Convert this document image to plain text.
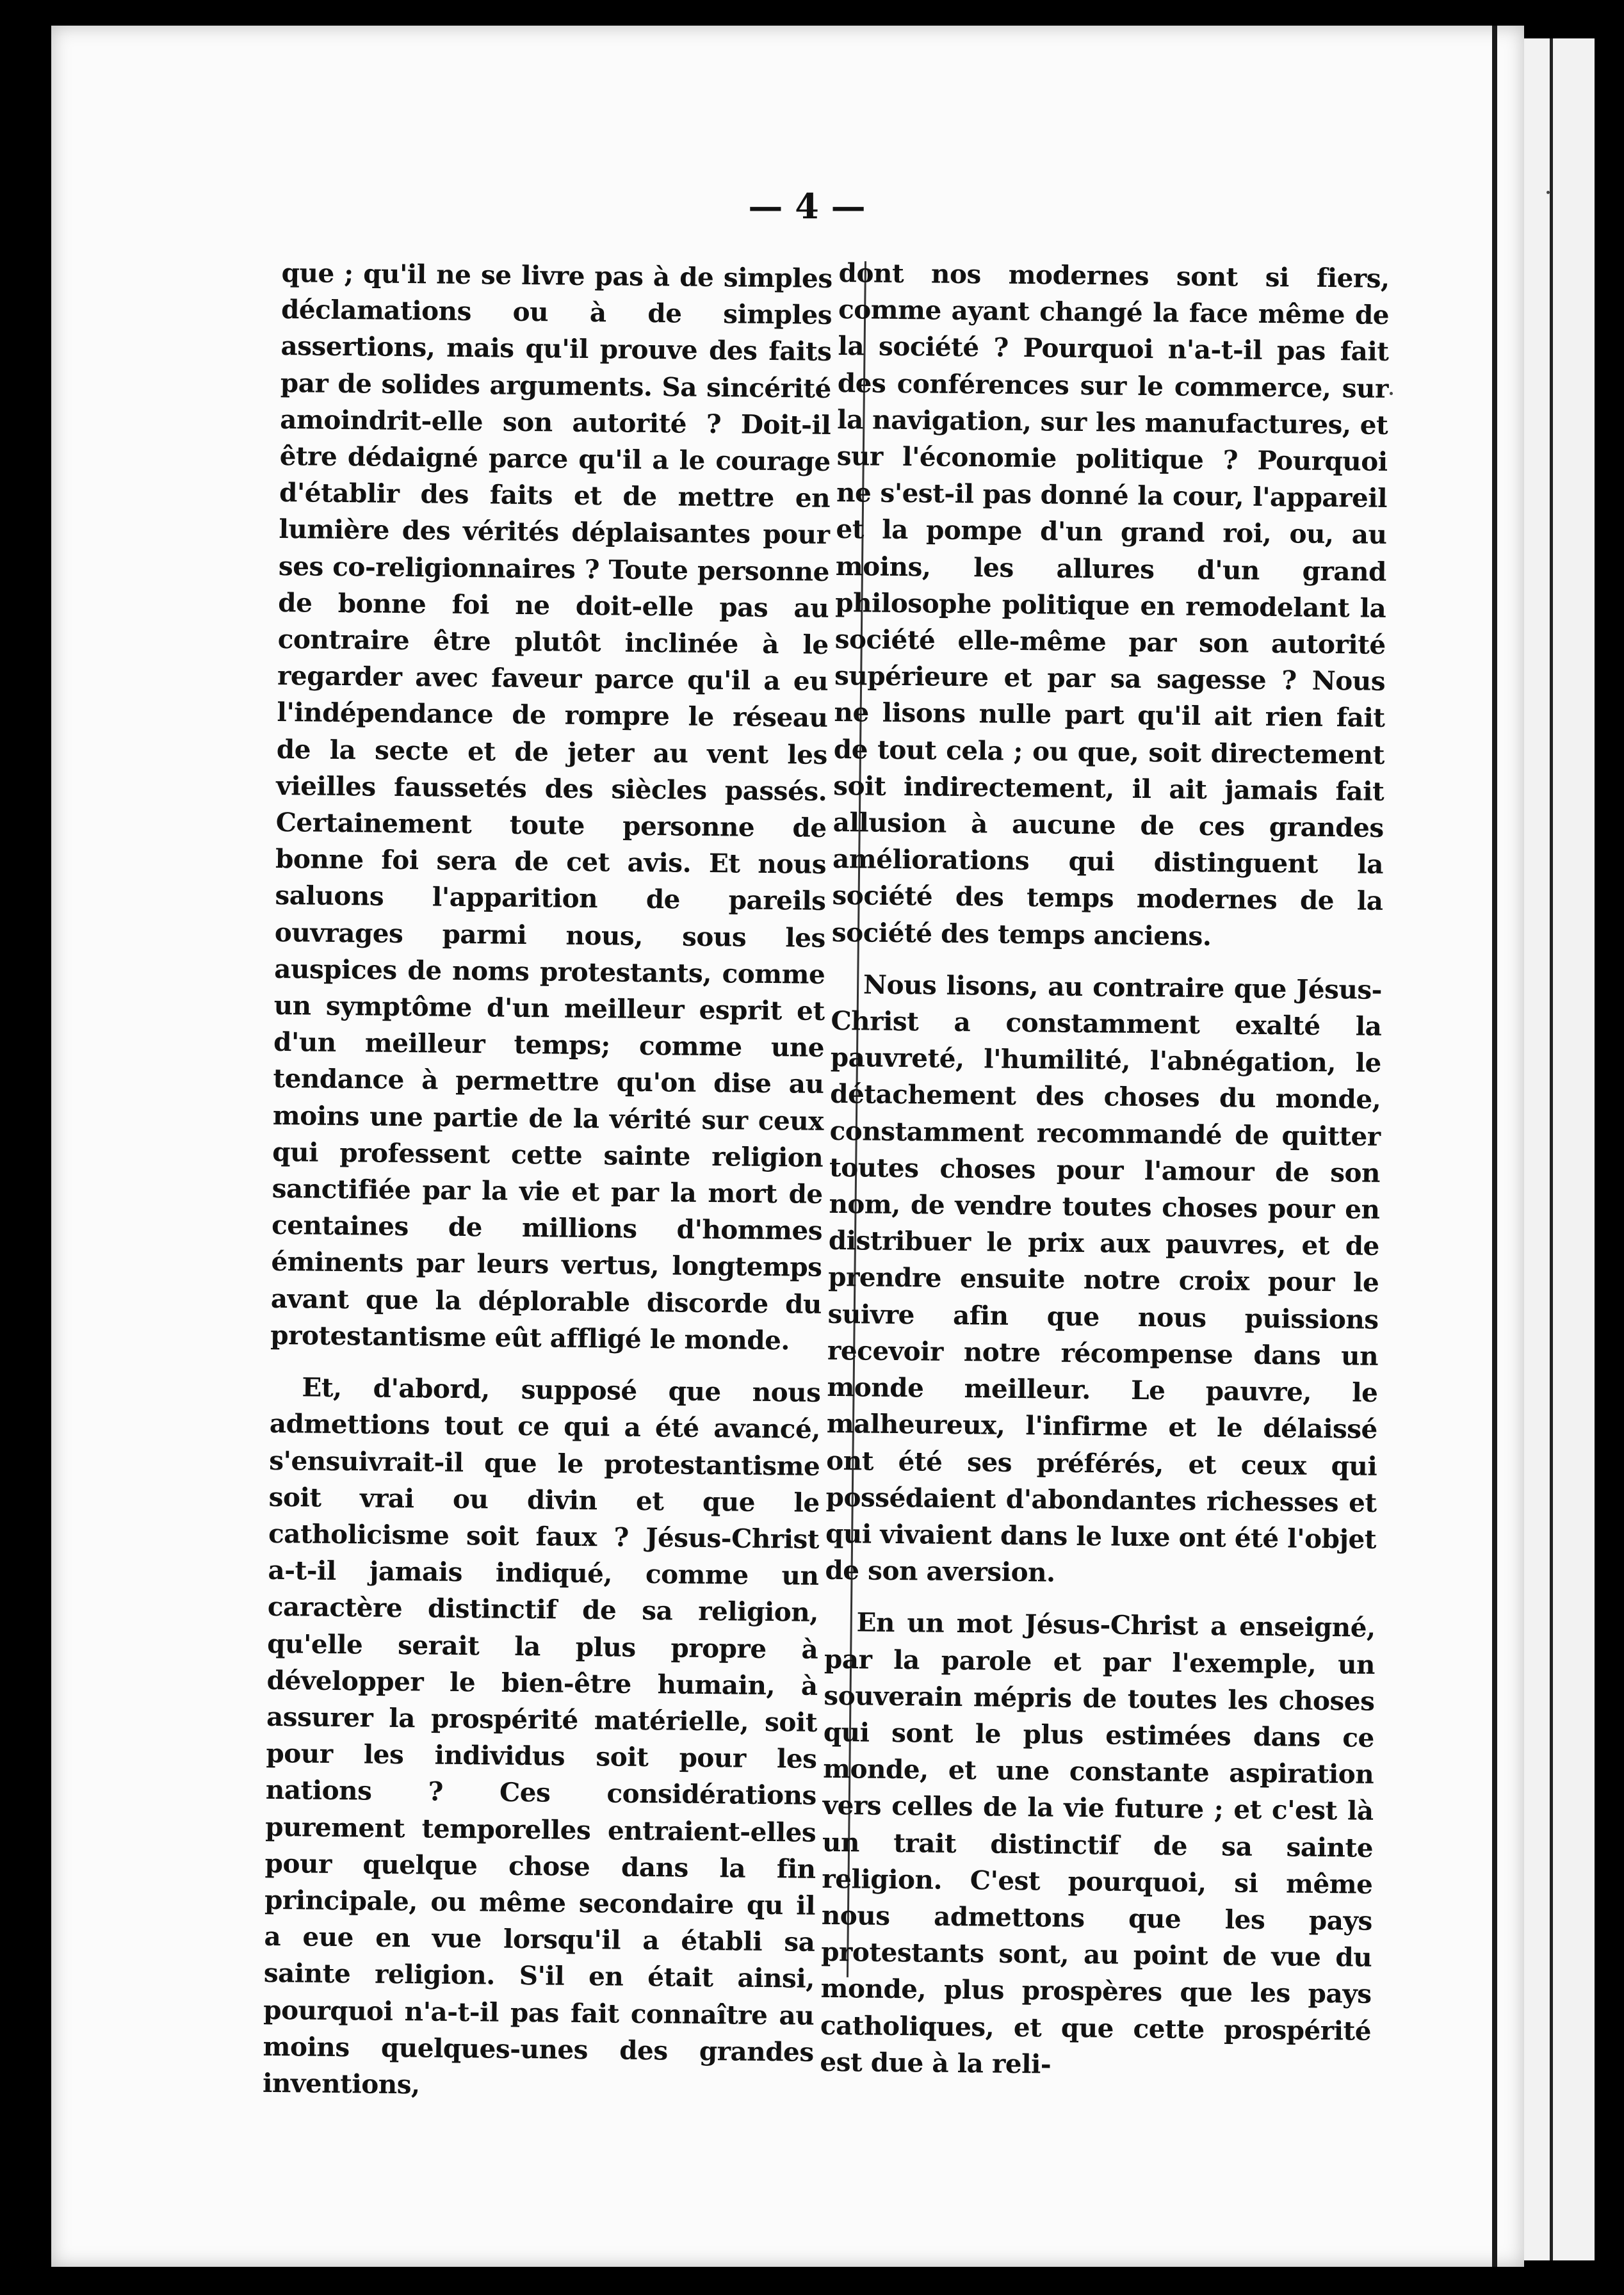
— 4 —

que ; qu'il ne se livre pas à de simples déclamations ou à de simples assertions, mais qu'il prouve des faits par de solides arguments. Sa sincérité amoindrit-elle son autorité ? Doit-il être dédaigné parce qu'il a le courage d'établir des faits et de mettre en lumière des vérités déplaisantes pour ses co-religionnaires ? Toute personne de bonne foi ne doit-elle pas au contraire être plutôt inclinée à le regarder avec faveur parce qu'il a eu l'indépendance de rompre le réseau de la secte et de jeter au vent les vieilles faussetés des siècles passés. Certainement toute personne de bonne foi sera de cet avis. Et nous saluons l'apparition de pareils ouvrages parmi nous, sous les auspices de noms protestants, comme un symptôme d'un meilleur esprit et d'un meilleur temps; comme une tendance à permettre qu'on dise au moins une partie de la vérité sur ceux qui professent cette sainte religion sanctifiée par la vie et par la mort de centaines de millions d'hommes éminents par leurs vertus, longtemps avant que la déplorable discorde du protestantisme eût affligé le monde.

Et, d'abord, supposé que nous admettions tout ce qui a été avancé, s'ensuivrait-il que le protestantisme soit vrai ou divin et que le catholicisme soit faux ? Jésus-Christ a-t-il jamais indiqué, comme un caractère distinctif de sa religion, qu'elle serait la plus propre à développer le bien-être humain, à assurer la prospérité matérielle, soit pour les individus soit pour les nations ? Ces considérations purement temporelles entraient-elles pour quelque chose dans la fin principale, ou même secondaire qu il a eue en vue lorsqu'il a établi sa sainte religion. S'il en était ainsi, pourquoi n'a-t-il pas fait connaître au moins quelques-unes des grandes inventions,

dont nos modernes sont si fiers, comme ayant changé la face même de la société ? Pourquoi n'a-t-il pas fait des conférences sur le commerce, sur la navigation, sur les manufactures, et sur l'économie politique ? Pourquoi ne s'est-il pas donné la cour, l'appareil et la pompe d'un grand roi, ou, au moins, les allures d'un grand philosophe politique en remodelant la société elle-même par son autorité supérieure et par sa sagesse ? Nous ne lisons nulle part qu'il ait rien fait de tout cela ; ou que, soit directement soit indirectement, il ait jamais fait allusion à aucune de ces grandes améliorations qui distinguent la société des temps modernes de la société des temps anciens.

Nous lisons, au contraire que Jésus-Christ a constamment exalté la pauvreté, l'humilité, l'abnégation, le détachement des choses du monde, constamment recommandé de quitter toutes choses pour l'amour de son nom, de vendre toutes choses pour en distribuer le prix aux pauvres, et de prendre ensuite notre croix pour le suivre afin que nous puissions recevoir notre récompense dans un monde meilleur. Le pauvre, le malheureux, l'infirme et le délaissé ont été ses préférés, et ceux qui possédaient d'abondantes richesses et qui vivaient dans le luxe ont été l'objet de son aversion.

En un mot Jésus-Christ a enseigné, par la parole et par l'exemple, un souverain mépris de toutes les choses qui sont le plus estimées dans ce monde, et une constante aspiration vers celles de la vie future ; et c'est là un trait distinctif de sa sainte religion. C'est pourquoi, si même nous admettons que les pays protestants sont, au point de vue du monde, plus prospères que les pays catholiques, et que cette prospérité est due à la reli-
